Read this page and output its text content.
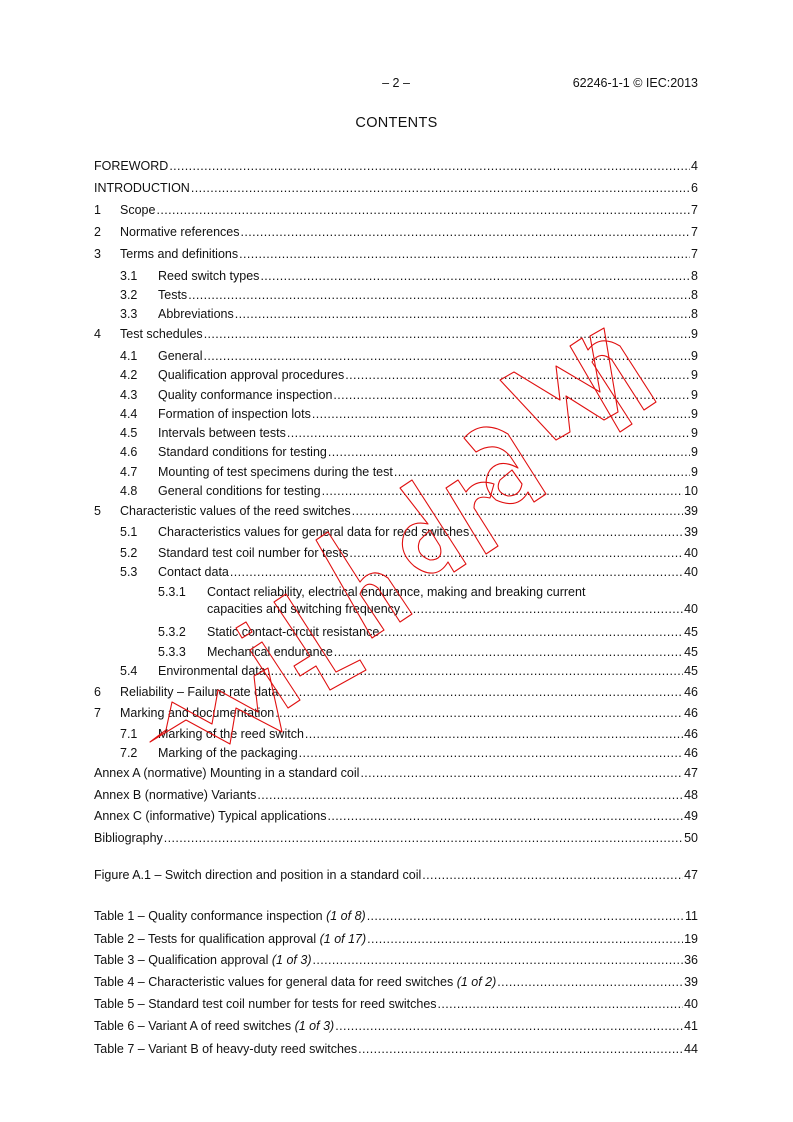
– 2 –	62246-1-1 © IEC:2013
CONTENTS
FOREWORD .....	4
INTRODUCTION .....	6
1	Scope .....	7
2	Normative references .....	7
3	Terms and definitions .....	7
3.1	Reed switch types .....	8
3.2	Tests .....	8
3.3	Abbreviations .....	8
4	Test schedules .....	9
4.1	General .....	9
4.2	Qualification approval procedures .....	9
4.3	Quality conformance inspection .....	9
4.4	Formation of inspection lots .....	9
4.5	Intervals between tests .....	9
4.6	Standard conditions for testing .....	9
4.7	Mounting of test specimens during the test .....	9
4.8	General conditions for testing .....	10
5	Characteristic values of the reed switches .....	39
5.1	Characteristics values for general data for reed switches .....	39
5.2	Standard test coil number for tests .....	40
5.3	Contact data .....	40
5.3.1	Contact reliability, electrical endurance, making and breaking current
capacities and switching frequency .....	40
5.3.2	Static contact-circuit resistance .....	45
5.3.3	Mechanical endurance .....	45
5.4	Environmental data .....	45
6	Reliability – Failure rate data .....	46
7	Marking and documentation .....	46
7.1	Marking of the reed switch .....	46
7.2	Marking of the packaging .....	46
Annex A (normative) Mounting in a standard coil .....	47
Annex B (normative) Variants .....	48
Annex C (informative) Typical applications .....	49
Bibliography .....	50
Figure A.1 – Switch direction and position in a standard coil .....	47
Table 1 – Quality conformance inspection (1 of 8) .....	11
Table 2 – Tests for qualification approval (1 of 17) .....	19
Table 3 – Qualification approval (1 of 3) .....	36
Table 4 – Characteristic values for general data for reed switches (1 of 2) .....	39
Table 5 – Standard test coil number for tests for reed switches .....	40
Table 6 – Variant A of reed switches (1 of 3) .....	41
Table 7 – Variant B of heavy-duty reed switches .....	44
